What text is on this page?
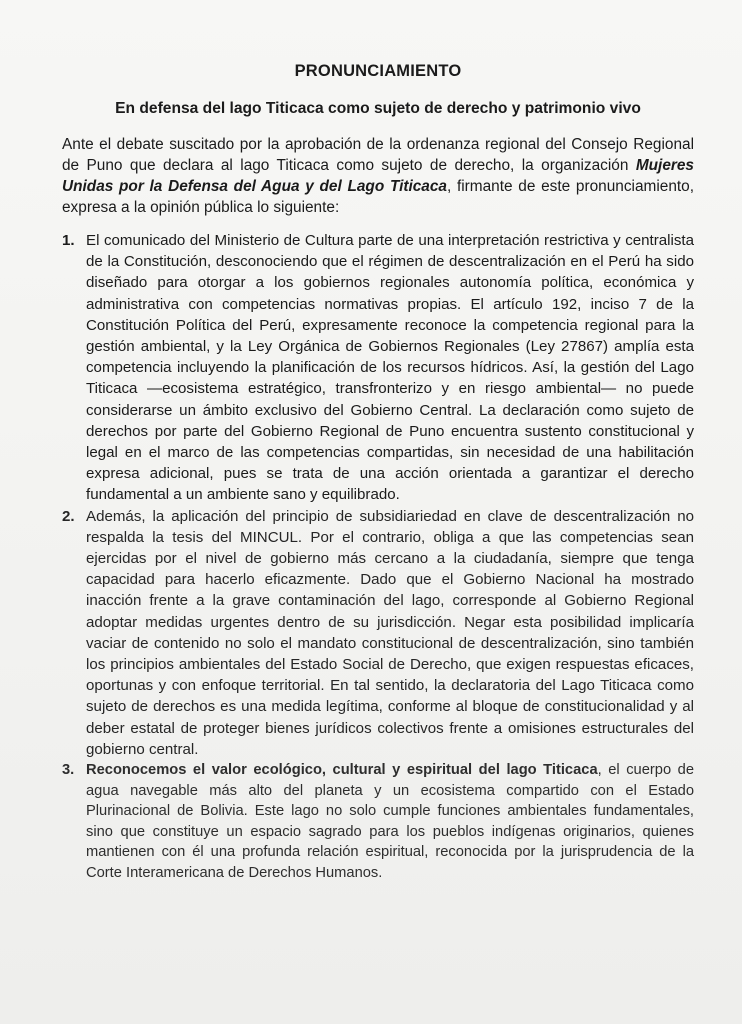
PRONUNCIAMIENTO
En defensa del lago Titicaca como sujeto de derecho y patrimonio vivo

Ante el debate suscitado por la aprobación de la ordenanza regional del Consejo Regional de Puno que declara al lago Titicaca como sujeto de derecho, la organización Mujeres Unidas por la Defensa del Agua y del Lago Titicaca, firmante de este pronunciamiento, expresa a la opinión pública lo siguiente:

1. El comunicado del Ministerio de Cultura parte de una interpretación restrictiva y centralista de la Constitución, desconociendo que el régimen de descentralización en el Perú ha sido diseñado para otorgar a los gobiernos regionales autonomía política, económica y administrativa con competencias normativas propias. El artículo 192, inciso 7 de la Constitución Política del Perú, expresamente reconoce la competencia regional para la gestión ambiental, y la Ley Orgánica de Gobiernos Regionales (Ley 27867) amplía esta competencia incluyendo la planificación de los recursos hídricos. Así, la gestión del Lago Titicaca —ecosistema estratégico, transfronterizo y en riesgo ambiental— no puede considerarse un ámbito exclusivo del Gobierno Central. La declaración como sujeto de derechos por parte del Gobierno Regional de Puno encuentra sustento constitucional y legal en el marco de las competencias compartidas, sin necesidad de una habilitación expresa adicional, pues se trata de una acción orientada a garantizar el derecho fundamental a un ambiente sano y equilibrado.
2. Además, la aplicación del principio de subsidiariedad en clave de descentralización no respalda la tesis del MINCUL. Por el contrario, obliga a que las competencias sean ejercidas por el nivel de gobierno más cercano a la ciudadanía, siempre que tenga capacidad para hacerlo eficazmente. Dado que el Gobierno Nacional ha mostrado inacción frente a la grave contaminación del lago, corresponde al Gobierno Regional adoptar medidas urgentes dentro de su jurisdicción. Negar esta posibilidad implicaría vaciar de contenido no solo el mandato constitucional de descentralización, sino también los principios ambientales del Estado Social de Derecho, que exigen respuestas eficaces, oportunas y con enfoque territorial. En tal sentido, la declaratoria del Lago Titicaca como sujeto de derechos es una medida legítima, conforme al bloque de constitucionalidad y al deber estatal de proteger bienes jurídicos colectivos frente a omisiones estructurales del gobierno central.
3. Reconocemos el valor ecológico, cultural y espiritual del lago Titicaca, el cuerpo de agua navegable más alto del planeta y un ecosistema compartido con el Estado Plurinacional de Bolivia. Este lago no solo cumple funciones ambientales fundamentales, sino que constituye un espacio sagrado para los pueblos indígenas originarios, quienes mantienen con él una profunda relación espiritual, reconocida por la jurisprudencia de la Corte Interamericana de Derechos Humanos.
